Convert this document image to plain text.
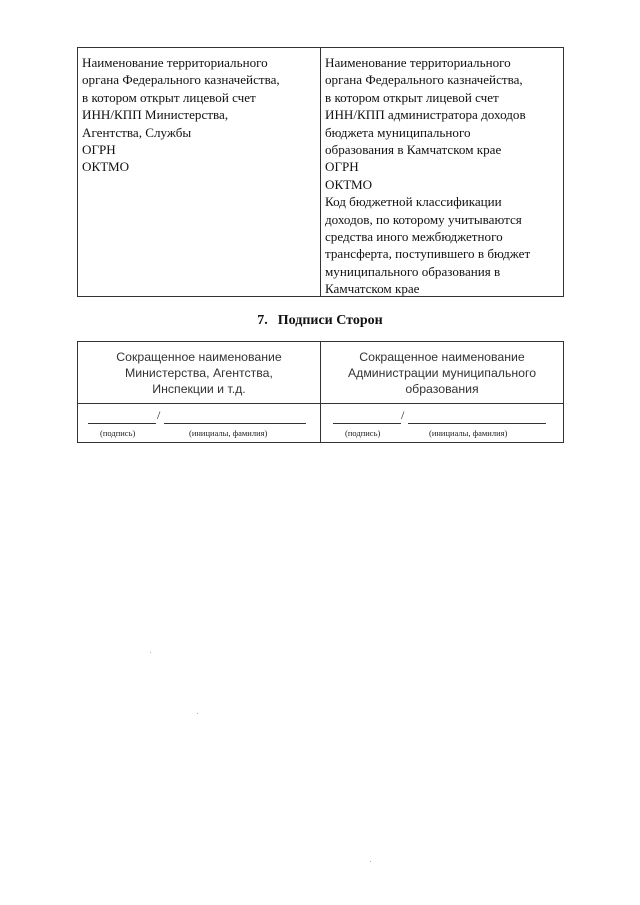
Наименование территориального
органа Федерального казначейства,
в котором открыт лицевой счет
ИНН/КПП Министерства,
Агентства, Службы
ОГРН
ОКТМО
Наименование территориального
органа Федерального казначейства,
в котором открыт лицевой счет
ИНН/КПП администратора доходов
бюджета муниципального
образования в Камчатском крае
ОГРН
ОКТМО
Код бюджетной классификации
доходов, по которому учитываются
средства иного межбюджетного
трансферта, поступившего в бюджет
муниципального образования в
Камчатском крае
7. Подписи Сторон
Сокращенное наименование
Министерства, Агентства,
Инспекции и т.д.
Сокращенное наименование
Администрации муниципального
образования
/
(подпись)	(инициалы, фамилия)
/
(подпись)	(инициалы, фамилия)
